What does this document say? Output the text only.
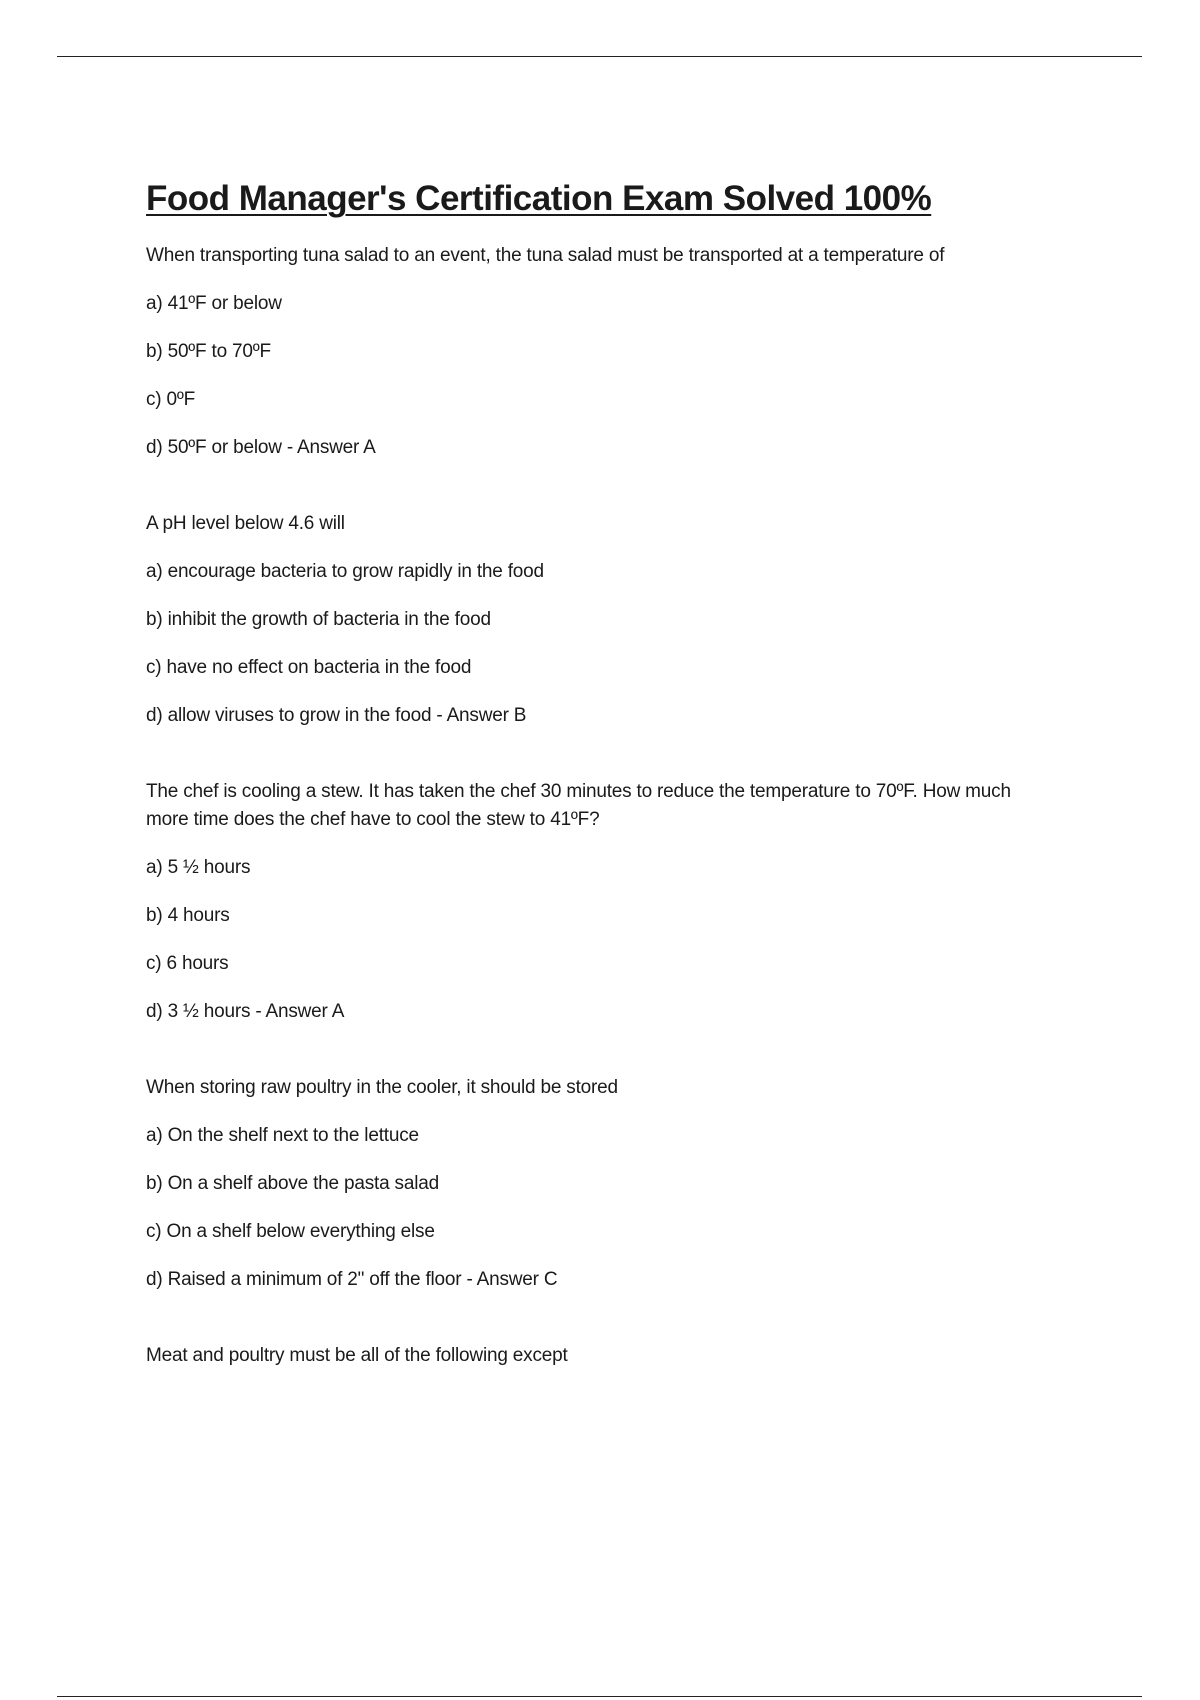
Food Manager's Certification Exam Solved 100%

When transporting tuna salad to an event, the tuna salad must be transported at a temperature of

a) 41ºF or below

b) 50ºF to 70ºF

c) 0ºF

d) 50ºF or below - Answer A

A pH level below 4.6 will

a) encourage bacteria to grow rapidly in the food

b) inhibit the growth of bacteria in the food

c) have no effect on bacteria in the food

d) allow viruses to grow in the food - Answer B

The chef is cooling a stew. It has taken the chef 30 minutes to reduce the temperature to 70ºF. How much more time does the chef have to cool the stew to 41ºF?

a) 5 ½ hours

b) 4 hours

c) 6 hours

d) 3 ½ hours - Answer A

When storing raw poultry in the cooler, it should be stored

a) On the shelf next to the lettuce

b) On a shelf above the pasta salad

c) On a shelf below everything else

d) Raised a minimum of 2" off the floor - Answer C

Meat and poultry must be all of the following except
